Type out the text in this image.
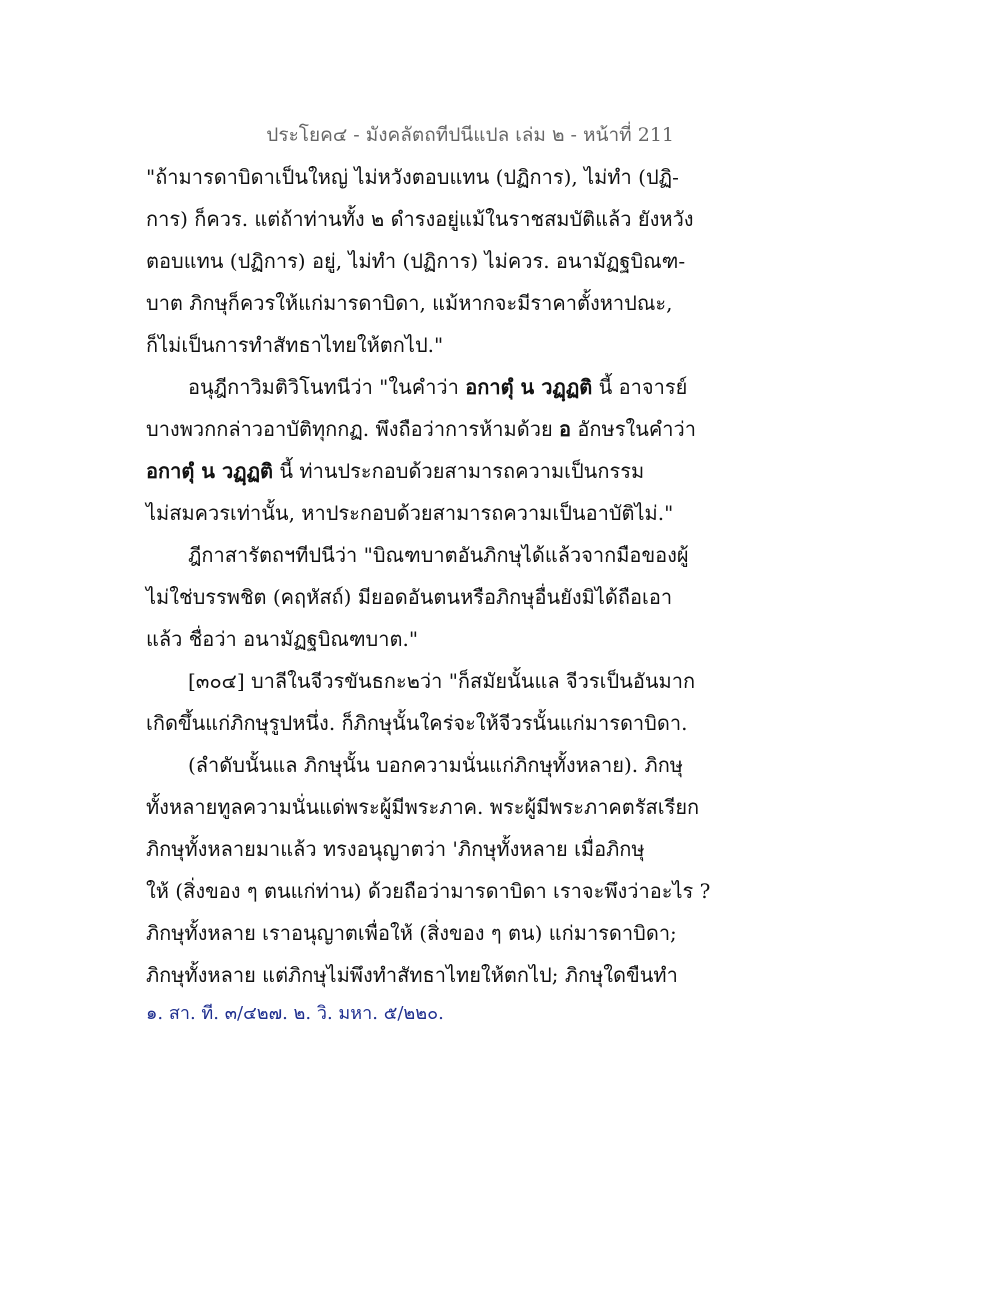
ประโยค๔ - มังคลัตถทีปนีแปล เล่ม ๒ - หน้าที่ 211
"ถ้ามารดาบิดาเป็นใหญ่ ไม่หวังตอบแทน (ปฏิการ), ไม่ทำ (ปฏิ-
การ) ก็ควร. แต่ถ้าท่านทั้ง ๒ ดำรงอยู่แม้ในราชสมบัติแล้ว ยังหวัง
ตอบแทน (ปฏิการ) อยู่, ไม่ทำ (ปฏิการ) ไม่ควร. อนามัฏฐบิณฑ-
บาต ภิกษุก็ควรให้แก่มารดาบิดา, แม้หากจะมีราคาตั้งหาปณะ,
ก็ไม่เป็นการทำสัทธาไทยให้ตกไป."
อนุฎีกาวิมติวิโนทนีว่า "ในคำว่า อกาตุํ น วฏฺฏติ นี้ อาจารย์
บางพวกกล่าวอาบัติทุกกฏ. พึงถือว่าการห้ามด้วย อ อักษรในคำว่า
อกาตุํ น วฏฺฏติ นี้ ท่านประกอบด้วยสามารถความเป็นกรรม
ไม่สมควรเท่านั้น, หาประกอบด้วยสามารถความเป็นอาบัติไม่."
ฎีกาสารัตถฯทีปนีว่า "บิณฑบาตอันภิกษุได้แล้วจากมือของผู้
ไม่ใช่บรรพชิต (คฤหัสถ์) มียอดอันตนหรือภิกษุอื่นยังมิได้ถือเอา
แล้ว ชื่อว่า อนามัฏฐบิณฑบาต."
[๓๐๔] บาลีในจีวรขันธกะ๒ว่า "ก็สมัยนั้นแล จีวรเป็นอันมาก
เกิดขึ้นแก่ภิกษุรูปหนึ่ง. ก็ภิกษุนั้นใคร่จะให้จีวรนั้นแก่มารดาบิดา.
(ลำดับนั้นแล ภิกษุนั้น บอกความนั่นแก่ภิกษุทั้งหลาย). ภิกษุ
ทั้งหลายทูลความนั่นแด่พระผู้มีพระภาค. พระผู้มีพระภาคตรัสเรียก
ภิกษุทั้งหลายมาแล้ว ทรงอนุญาตว่า 'ภิกษุทั้งหลาย เมื่อภิกษุ
ให้ (สิ่งของ ๆ ตนแก่ท่าน) ด้วยถือว่ามารดาบิดา เราจะพึงว่าอะไร ?
ภิกษุทั้งหลาย เราอนุญาตเพื่อให้ (สิ่งของ ๆ ตน) แก่มารดาบิดา;
ภิกษุทั้งหลาย แต่ภิกษุไม่พึงทำสัทธาไทยให้ตกไป; ภิกษุใดขืนทำ
๑. สา. ที. ๓/๔๒๗. ๒. วิ. มหา. ๕/๒๒๐.
